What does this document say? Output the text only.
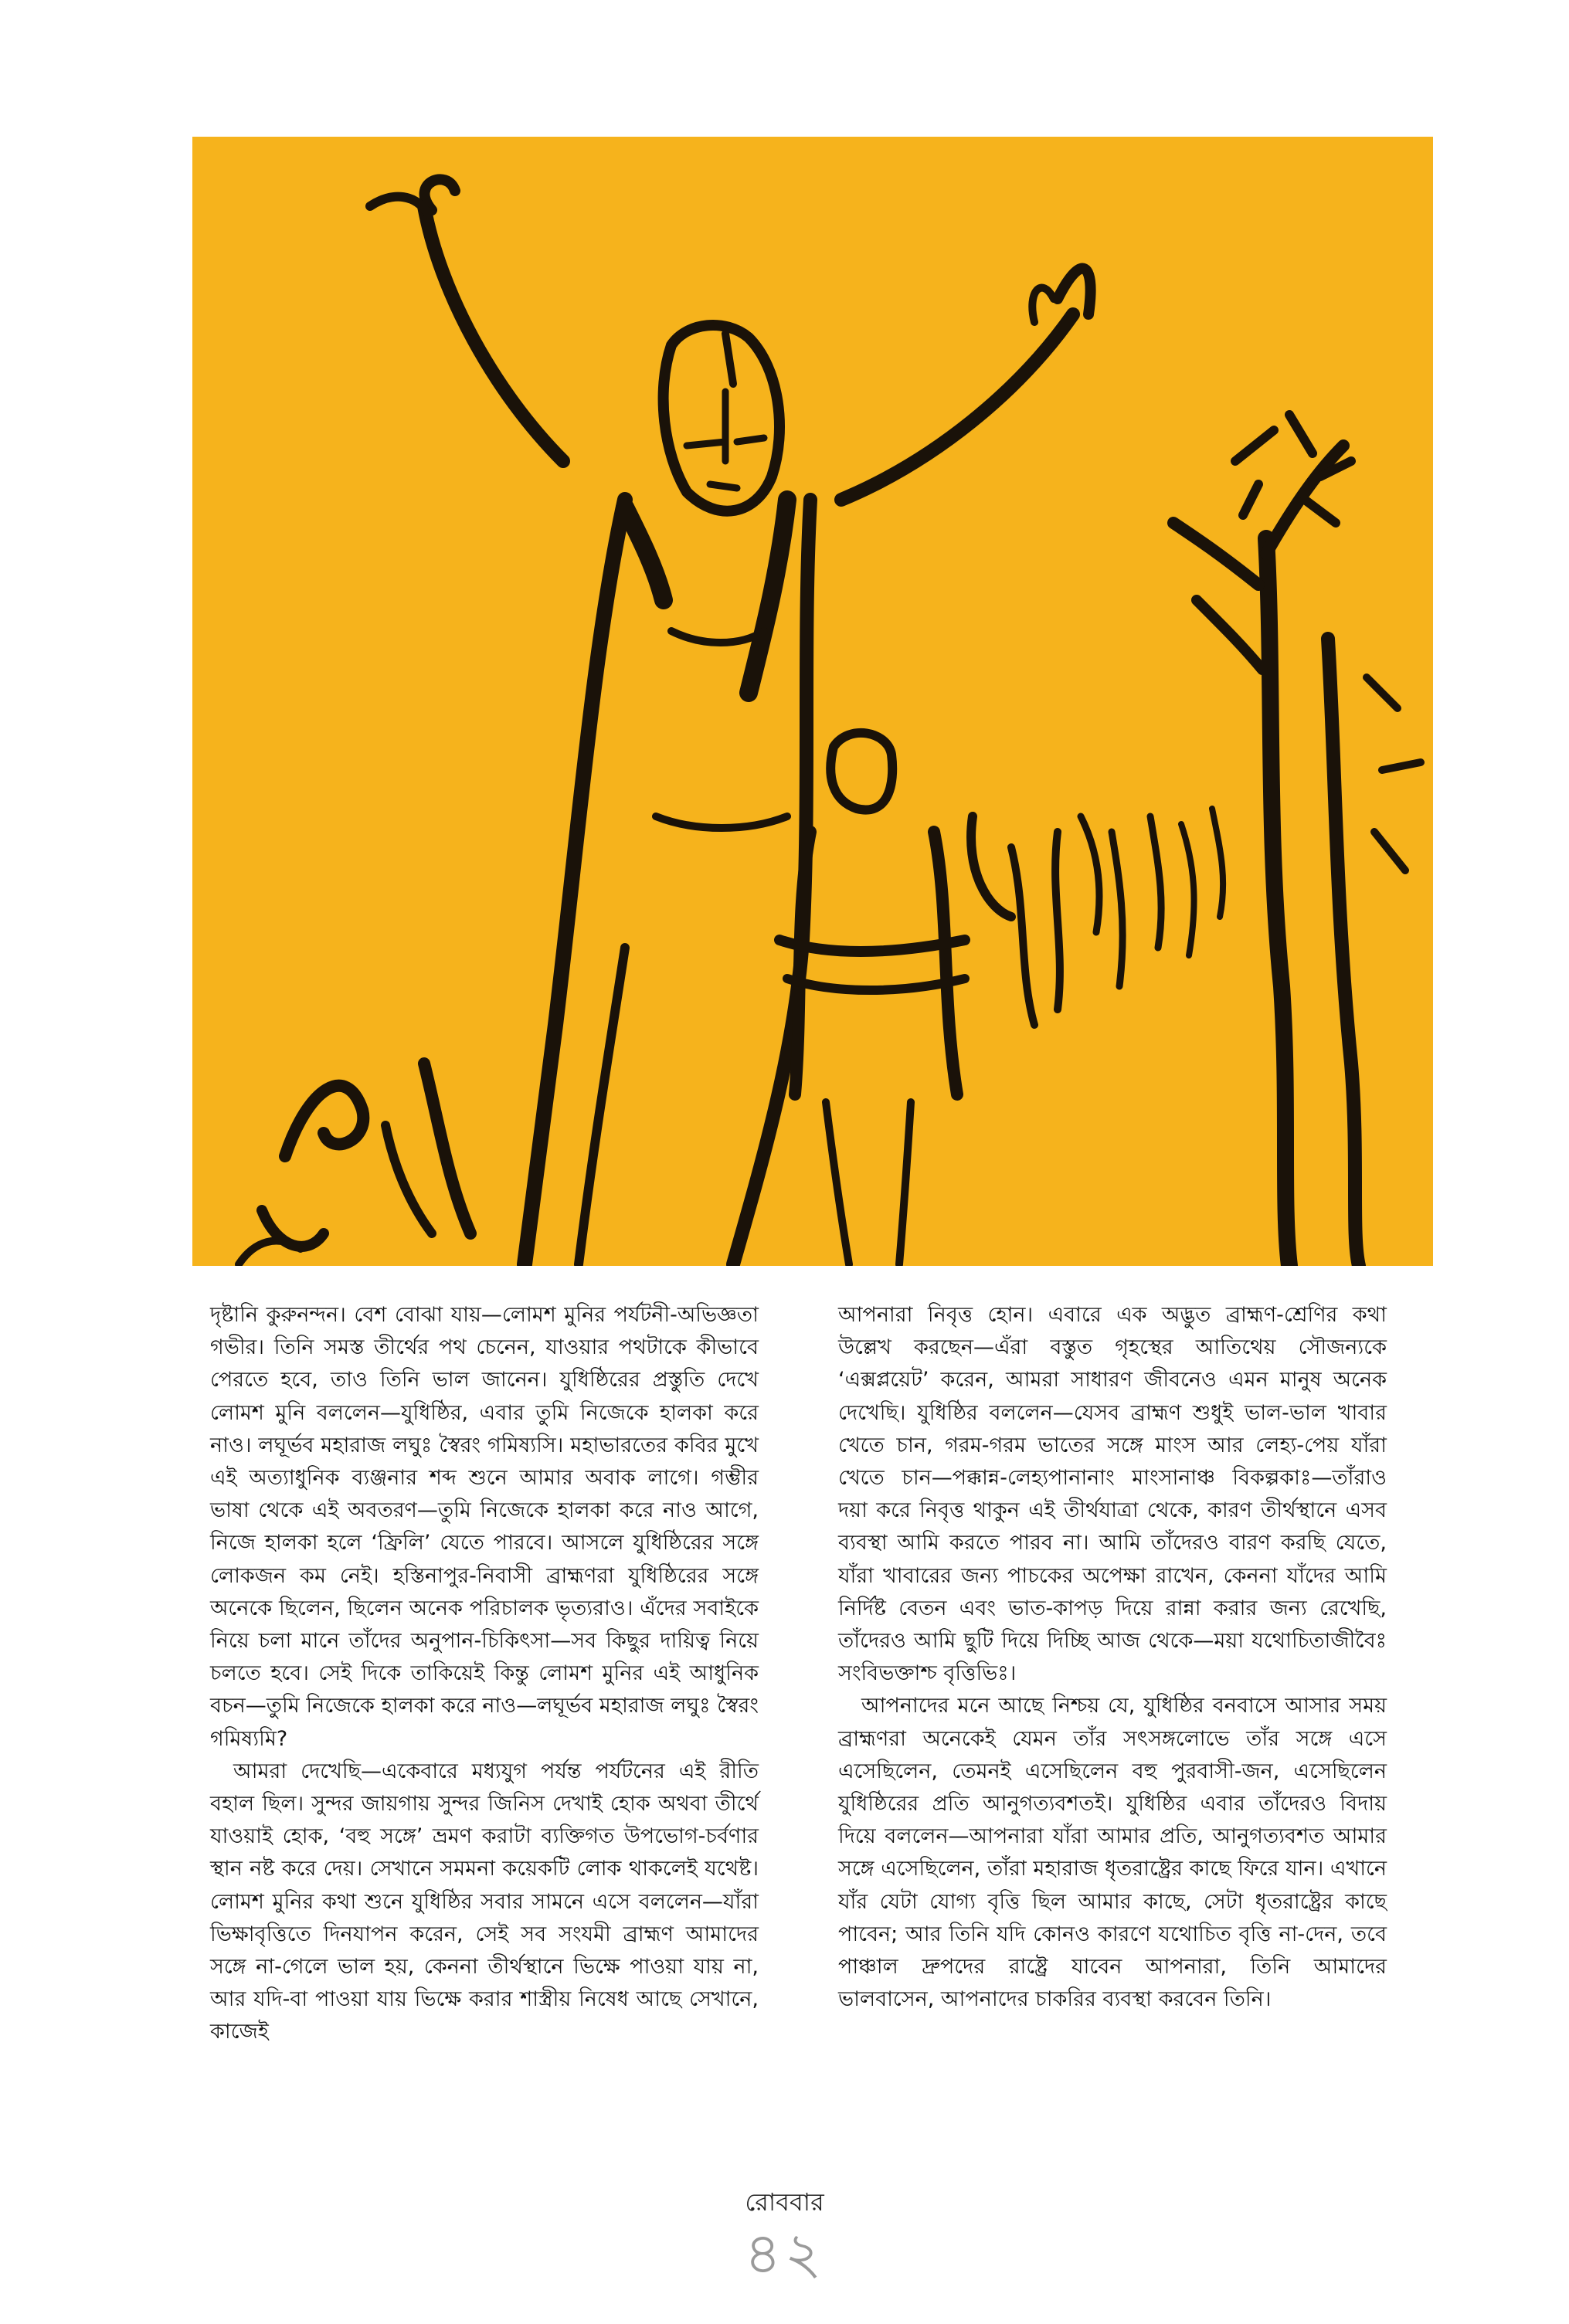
দৃষ্টানি কুরুনন্দন। বেশ বোঝা যায়—লোমশ মুনির পর্যটনী-অভিজ্ঞতা গভীর। তিনি সমস্ত তীর্থের পথ চেনেন, যাওয়ার পথটাকে কীভাবে পেরতে হবে, তাও তিনি ভাল জানেন। যুধিষ্ঠিরের প্রস্তুতি দেখে লোমশ মুনি বললেন—যুধিষ্ঠির, এবার তুমি নিজেকে হালকা করে নাও। লঘূর্ভব মহারাজ লঘুঃ স্বৈরং গমিষ্যসি। মহাভারতের কবির মুখে এই অত্যাধুনিক ব্যঞ্জনার শব্দ শুনে আমার অবাক লাগে। গম্ভীর ভাষা থেকে এই অবতরণ—তুমি নিজেকে হালকা করে নাও আগে, নিজে হালকা হলে ‘ফ্রিলি’ যেতে পারবে। আসলে যুধিষ্ঠিরের সঙ্গে লোকজন কম নেই। হস্তিনাপুর-নিবাসী ব্রাহ্মণরা যুধিষ্ঠিরের সঙ্গে অনেকে ছিলেন, ছিলেন অনেক পরিচালক ভৃত্যরাও। এঁদের সবাইকে নিয়ে চলা মানে তাঁদের অনুপান-চিকিৎসা—সব কিছুর দায়িত্ব নিয়ে চলতে হবে। সেই দিকে তাকিয়েই কিন্তু লোমশ মুনির এই আধুনিক বচন—তুমি নিজেকে হালকা করে নাও—লঘূর্ভব মহারাজ লঘুঃ স্বৈরং গমিষ্যমি?

আমরা দেখেছি—একেবারে মধ্যযুগ পর্যন্ত পর্যটনের এই রীতি বহাল ছিল। সুন্দর জায়গায় সুন্দর জিনিস দেখাই হোক অথবা তীর্থে যাওয়াই হোক, ‘বহু সঙ্গে’ ভ্রমণ করাটা ব্যক্তিগত উপভোগ-চর্বণার স্থান নষ্ট করে দেয়। সেখানে সমমনা কয়েকটি লোক থাকলেই যথেষ্ট। লোমশ মুনির কথা শুনে যুধিষ্ঠির সবার সামনে এসে বললেন—যাঁরা ভিক্ষাবৃত্তিতে দিনযাপন করেন, সেই সব সংযমী ব্রাহ্মণ আমাদের সঙ্গে না-গেলে ভাল হয়, কেননা তীর্থস্থানে ভিক্ষে পাওয়া যায় না, আর যদি-বা পাওয়া যায় ভিক্ষে করার শাস্ত্রীয় নিষেধ আছে সেখানে, কাজেই

আপনারা নিবৃত্ত হোন। এবারে এক অদ্ভুত ব্রাহ্মণ-শ্রেণির কথা উল্লেখ করছেন—এঁরা বস্তুত গৃহস্থের আতিথেয় সৌজন্যকে ‘এক্সপ্লয়েট’ করেন, আমরা সাধারণ জীবনেও এমন মানুষ অনেক দেখেছি। যুধিষ্ঠির বললেন—যেসব ব্রাহ্মণ শুধুই ভাল-ভাল খাবার খেতে চান, গরম-গরম ভাতের সঙ্গে মাংস আর লেহ্য-পেয় যাঁরা খেতে চান—পক্কান্ন-লেহ্যপানানাং মাংসানাঞ্চ বিকল্পকাঃ—তাঁরাও দয়া করে নিবৃত্ত থাকুন এই তীর্থযাত্রা থেকে, কারণ তীর্থস্থানে এসব ব্যবস্থা আমি করতে পারব না। আমি তাঁদেরও বারণ করছি যেতে, যাঁরা খাবারের জন্য পাচকের অপেক্ষা রাখেন, কেননা যাঁদের আমি নির্দিষ্ট বেতন এবং ভাত-কাপড় দিয়ে রান্না করার জন্য রেখেছি, তাঁদেরও আমি ছুটি দিয়ে দিচ্ছি আজ থেকে—ময়া যথোচিতাজীবৈঃ সংবিভক্তাশ্চ বৃত্তিভিঃ।

আপনাদের মনে আছে নিশ্চয় যে, যুধিষ্ঠির বনবাসে আসার সময় ব্রাহ্মণরা অনেকেই যেমন তাঁর সৎসঙ্গলোভে তাঁর সঙ্গে এসে এসেছিলেন, তেমনই এসেছিলেন বহু পুরবাসী-জন, এসেছিলেন যুধিষ্ঠিরের প্রতি আনুগত্যবশতই। যুধিষ্ঠির এবার তাঁদেরও বিদায় দিয়ে বললেন—আপনারা যাঁরা আমার প্রতি, আনুগত্যবশত আমার সঙ্গে এসেছিলেন, তাঁরা মহারাজ ধৃতরাষ্ট্রের কাছে ফিরে যান। এখানে যাঁর যেটা যোগ্য বৃত্তি ছিল আমার কাছে, সেটা ধৃতরাষ্ট্রের কাছে পাবেন; আর তিনি যদি কোনও কারণে যথোচিত বৃত্তি না-দেন, তবে পাঞ্চাল দ্রুপদের রাষ্ট্রে যাবেন আপনারা, তিনি আমাদের ভালবাসেন, আপনাদের চাকরির ব্যবস্থা করবেন তিনি।

রোববার
৪২
